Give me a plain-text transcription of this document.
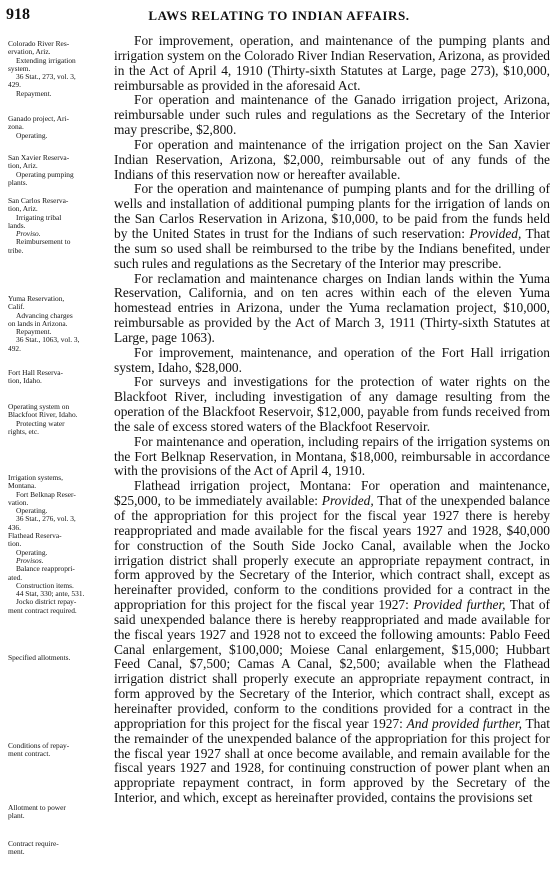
918	LAWS RELATING TO INDIAN AFFAIRS.
Colorado River Res-
ervation, Ariz.
Extending irrigation
system.
36 Stat., 273, vol. 3,
429.
Repayment.
Ganado project, Ari-
zona.
Operating.
San Xavier Reserva-
tion, Ariz.
Operating pumping
plants.
San Carlos Reserva-
tion, Ariz.
Irrigating tribal
lands.
Proviso.
Reimbursement to
tribe.
Yuma Reservation,
Calif.
Advancing charges
on lands in Arizona.
Repayment.
36 Stat., 1063, vol. 3,
492.
Fort Hall Reserva-
tion, Idaho.
Operating system on
Blackfoot River, Idaho.
Protecting water
rights, etc.
Irrigation systems,
Montana.
Fort Belknap Reser-
vation.
Operating.
36 Stat., 276, vol. 3,
436.
Flathead Reserva-
tion.
Operating.
Provisos.
Balance reappropri-
ated.
Construction items.
44 Stat, 330; ante, 531.
Jocko district repay-
ment contract required.
Specified allotments.
Conditions of repay-
ment contract.
Allotment to power
plant.
Contract require-
ment.

For improvement, operation, and maintenance of the pumping plants and irrigation system on the Colorado River Indian Reservation, Arizona, as provided in the Act of April 4, 1910 (Thirty-sixth Statutes at Large, page 273), $10,000, reimbursable as provided in the aforesaid Act.

For operation and maintenance of the Ganado irrigation project, Arizona, reimbursable under such rules and regulations as the Secretary of the Interior may prescribe, $2,800.

For operation and maintenance of the irrigation project on the San Xavier Indian Reservation, Arizona, $2,000, reimbursable out of any funds of the Indians of this reservation now or hereafter available.

For the operation and maintenance of pumping plants and for the drilling of wells and installation of additional pumping plants for the irrigation of lands on the San Carlos Reservation in Arizona, $10,000, to be paid from the funds held by the United States in trust for the Indians of such reservation: Provided, That the sum so used shall be reimbursed to the tribe by the Indians benefited, under such rules and regulations as the Secretary of the Interior may prescribe.

For reclamation and maintenance charges on Indian lands within the Yuma Reservation, California, and on ten acres within each of the eleven Yuma homestead entries in Arizona, under the Yuma reclamation project, $10,000, reimbursable as provided by the Act of March 3, 1911 (Thirty-sixth Statutes at Large, page 1063).

For improvement, maintenance, and operation of the Fort Hall irrigation system, Idaho, $28,000.

For surveys and investigations for the protection of water rights on the Blackfoot River, including investigation of any damage resulting from the operation of the Blackfoot Reservoir, $12,000, payable from funds received from the sale of excess stored waters of the Blackfoot Reservoir.

For maintenance and operation, including repairs of the irrigation systems on the Fort Belknap Reservation, in Montana, $18,000, reimbursable in accordance with the provisions of the Act of April 4, 1910.

Flathead irrigation project, Montana: For operation and maintenance, $25,000, to be immediately available: Provided, That of the unexpended balance of the appropriation for this project for the fiscal year 1927 there is hereby reappropriated and made available for the fiscal years 1927 and 1928, $40,000 for construction of the South Side Jocko Canal, available when the Jocko irrigation district shall properly execute an appropriate repayment contract, in form approved by the Secretary of the Interior, which contract shall, except as hereinafter provided, conform to the conditions provided for a contract in the appropriation for this project for the fiscal year 1927: Provided further, That of said unexpended balance there is hereby reappropriated and made available for the fiscal years 1927 and 1928 not to exceed the following amounts: Pablo Feed Canal enlargement, $100,000; Moiese Canal enlargement, $15,000; Hubbart Feed Canal, $7,500; Camas A Canal, $2,500; available when the Flathead irrigation district shall properly execute an appropriate repayment contract, in form approved by the Secretary of the Interior, which contract shall, except as hereinafter provided, conform to the conditions provided for a contract in the appropriation for this project for the fiscal year 1927: And provided further, That the remainder of the unexpended balance of the appropriation for this project for the fiscal year 1927 shall at once become available, and remain available for the fiscal years 1927 and 1928, for continuing construction of power plant when an appropriate repayment contract, in form approved by the Secretary of the Interior, and which, except as hereinafter provided, contains the provisions set
